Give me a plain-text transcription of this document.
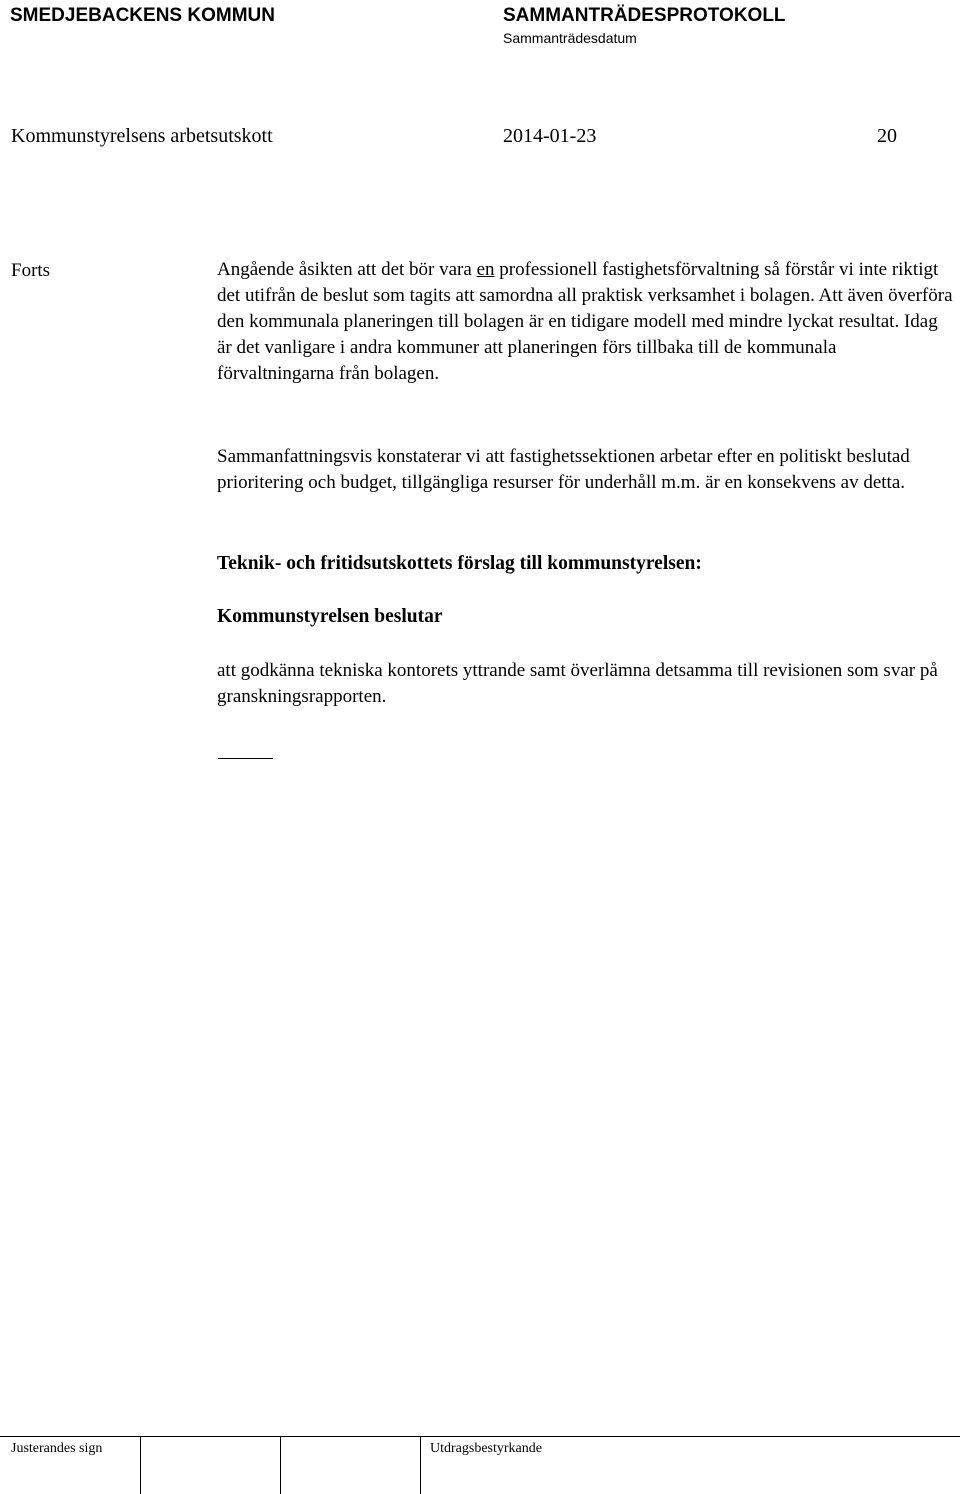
SMEDJEBACKENS KOMMUN	SAMMANTRÄDESPROTOKOLL
Sammanträdesdatum
Kommunstyrelsens arbetsutskott	2014-01-23	20
Forts	Angående åsikten att det bör vara en professionell fastighetsförvaltning så förstår vi inte riktigt det utifrån de beslut som tagits att samordna all praktisk verksamhet i bolagen. Att även överföra den kommunala planeringen till bolagen är en tidigare modell med mindre lyckat resultat. Idag är det vanligare i andra kommuner att planeringen förs tillbaka till de kommunala förvaltningarna från bolagen.
Sammanfattningsvis konstaterar vi att fastighetssektionen arbetar efter en politiskt beslutad prioritering och budget, tillgängliga resurser för underhåll m.m. är en konsekvens av detta.
Teknik- och fritidsutskottets förslag till kommunstyrelsen:
Kommunstyrelsen beslutar
att godkänna tekniska kontorets yttrande samt överlämna detsamma till revisionen som svar på granskningsrapporten.
Justerandes sign	Utdragsbestyrkande
